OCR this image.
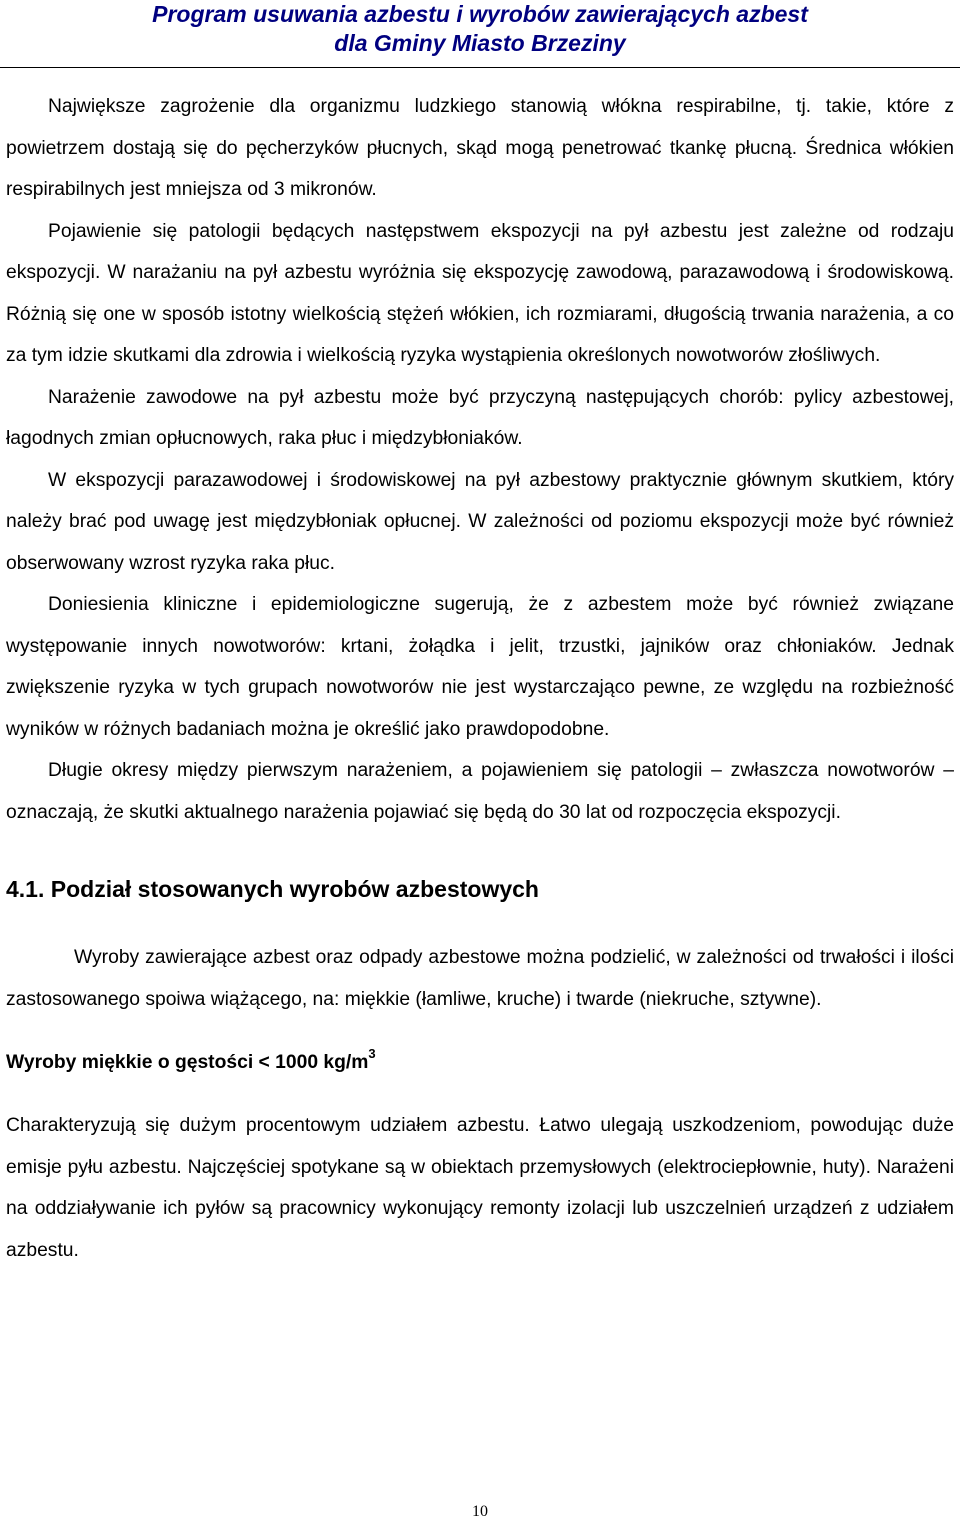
Program usuwania azbestu i wyrobów zawierających azbest
dla Gminy Miasto Brzeziny

Największe zagrożenie dla organizmu ludzkiego stanowią włókna respirabilne, tj. takie, które z powietrzem dostają się do pęcherzyków płucnych, skąd mogą penetrować tkankę płucną. Średnica włókien respirabilnych jest mniejsza od 3 mikronów.

Pojawienie się patologii będących następstwem ekspozycji na pył azbestu jest zależne od rodzaju ekspozycji. W narażaniu na pył azbestu wyróżnia się ekspozycję zawodową, parazawodową i środowiskową. Różnią się one w sposób istotny wielkością stężeń włókien, ich rozmiarami, długością trwania narażenia, a co za tym idzie skutkami dla zdrowia i wielkością ryzyka wystąpienia określonych nowotworów złośliwych.

Narażenie zawodowe na pył azbestu może być przyczyną następujących chorób: pylicy azbestowej, łagodnych zmian opłucnowych, raka płuc i międzybłoniaków.

W ekspozycji parazawodowej i środowiskowej na pył azbestowy praktycznie głównym skutkiem, który należy brać pod uwagę jest międzybłoniak opłucnej. W zależności od poziomu ekspozycji może być również obserwowany wzrost ryzyka raka płuc.

Doniesienia kliniczne i epidemiologiczne sugerują, że z azbestem może być również związane występowanie innych nowotworów: krtani, żołądka i jelit, trzustki, jajników oraz chłoniaków. Jednak zwiększenie ryzyka w tych grupach nowotworów nie jest wystarczająco pewne, ze względu na rozbieżność wyników w różnych badaniach można je określić jako prawdopodobne.

Długie okresy między pierwszym narażeniem, a pojawieniem się patologii – zwłaszcza nowotworów – oznaczają, że skutki aktualnego narażenia pojawiać się będą do 30 lat od rozpoczęcia ekspozycji.

4.1. Podział stosowanych wyrobów azbestowych

Wyroby zawierające azbest oraz odpady azbestowe można podzielić, w zależności od trwałości i ilości zastosowanego spoiwa wiążącego, na: miękkie (łamliwe, kruche) i twarde (niekruche, sztywne).

Wyroby miękkie o gęstości < 1000 $kg/m^3$

Charakteryzują się dużym procentowym udziałem azbestu. Łatwo ulegają uszkodzeniom, powodując duże emisje pyłu azbestu. Najczęściej spotykane są w obiektach przemysłowych (elektrociepłownie, huty). Narażeni na oddziaływanie ich pyłów są pracownicy wykonujący remonty izolacji lub uszczelnień urządzeń z udziałem azbestu.

10
